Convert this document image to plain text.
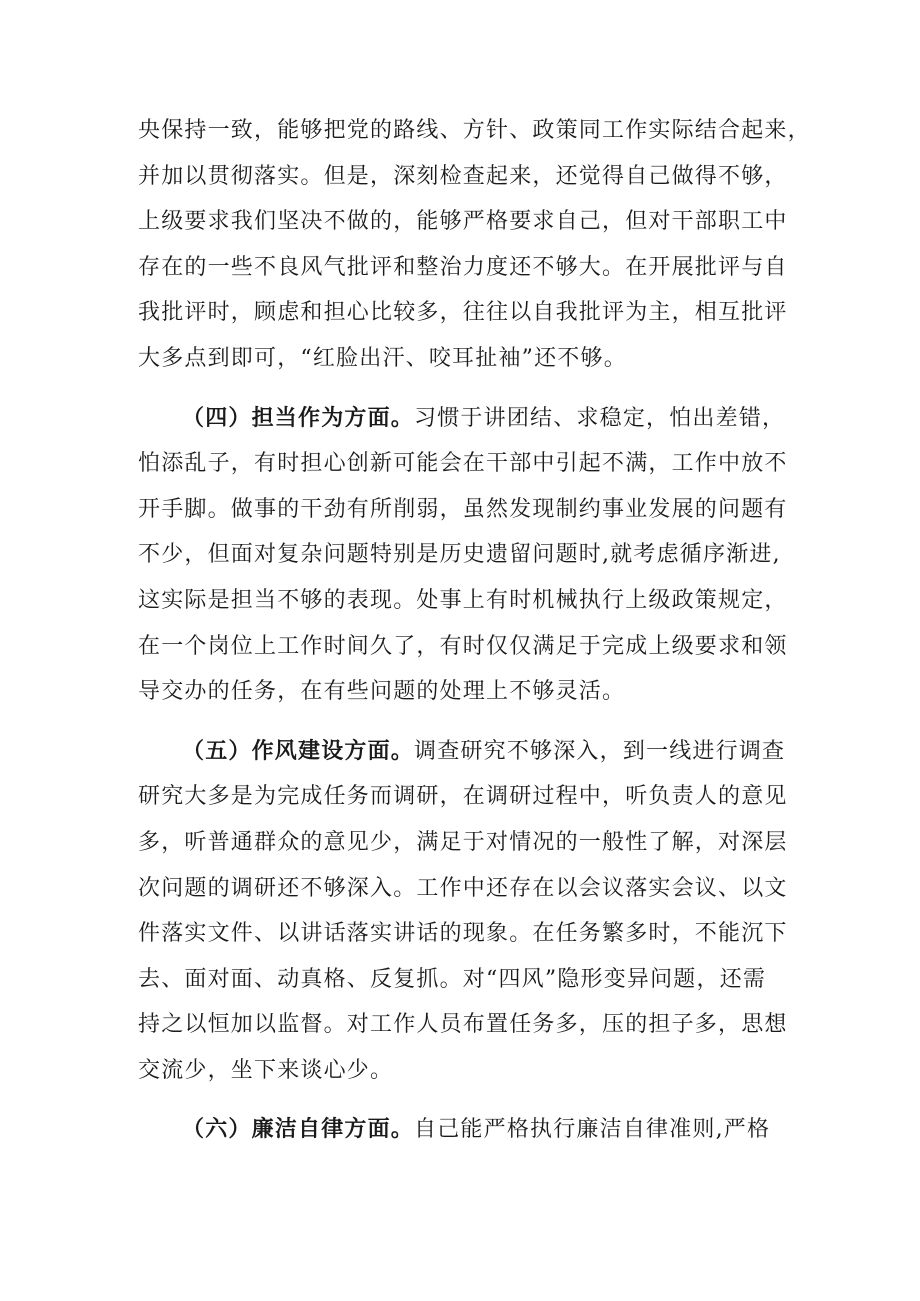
央保持一致，能够把党的路线、方针、政策同工作实际结合起来，
并加以贯彻落实。但是，深刻检查起来，还觉得自己做得不够，
上级要求我们坚决不做的，能够严格要求自己，但对干部职工中
存在的一些不良风气批评和整治力度还不够大。在开展批评与自
我批评时，顾虑和担心比较多，往往以自我批评为主，相互批评
大多点到即可，“红脸出汗、咬耳扯袖”还不够。
（四）担当作为方面。习惯于讲团结、求稳定，怕出差错，
怕添乱子，有时担心创新可能会在干部中引起不满，工作中放不
开手脚。做事的干劲有所削弱，虽然发现制约事业发展的问题有
不少，但面对复杂问题特别是历史遗留问题时,就考虑循序渐进,
这实际是担当不够的表现。处事上有时机械执行上级政策规定，
在一个岗位上工作时间久了，有时仅仅满足于完成上级要求和领
导交办的任务，在有些问题的处理上不够灵活。
（五）作风建设方面。调查研究不够深入，到一线进行调查
研究大多是为完成任务而调研，在调研过程中，听负责人的意见
多，听普通群众的意见少，满足于对情况的一般性了解，对深层
次问题的调研还不够深入。工作中还存在以会议落实会议、以文
件落实文件、以讲话落实讲话的现象。在任务繁多时，不能沉下
去、面对面、动真格、反复抓。对“四风”隐形变异问题，还需
持之以恒加以监督。对工作人员布置任务多，压的担子多，思想
交流少，坐下来谈心少。
（六）廉洁自律方面。自己能严格执行廉洁自律准则,严格
